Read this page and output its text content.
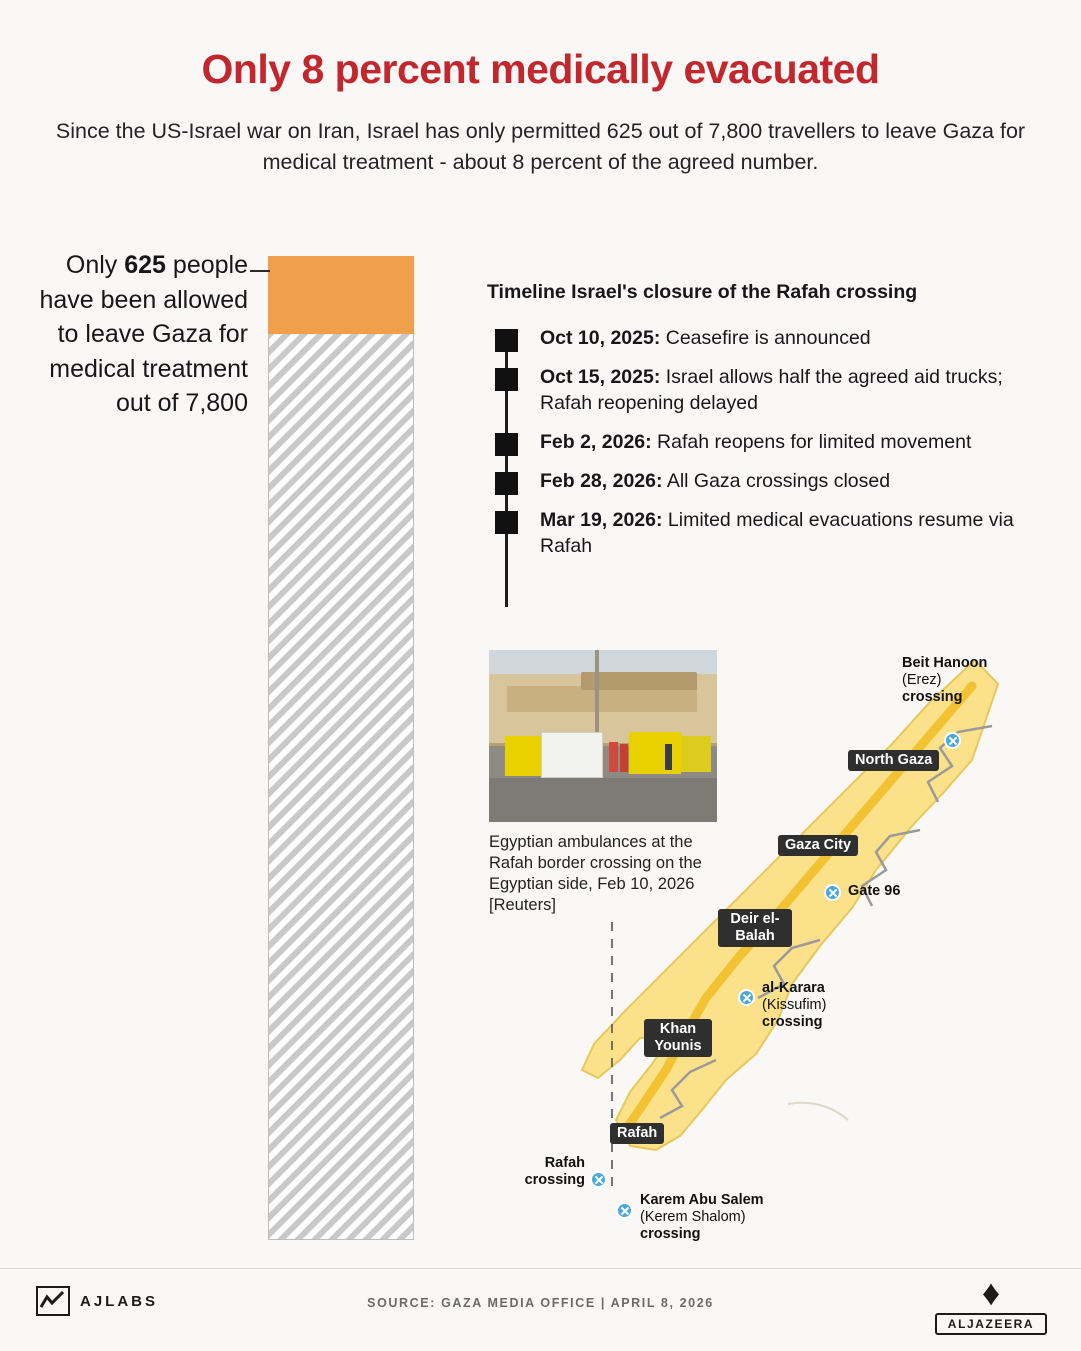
Only 8 percent medically evacuated
Since the US-Israel war on Iran, Israel has only permitted 625 out of 7,800 travellers to leave Gaza for medical treatment - about 8 percent of the agreed number.
Only 625 people have been allowed to leave Gaza for medical treatment out of 7,800
Timeline Israel's closure of the Rafah crossing
Oct 10, 2025: Ceasefire is announced
Oct 15, 2025: Israel allows half the agreed aid trucks; Rafah reopening delayed
Feb 2, 2026: Rafah reopens for limited movement
Feb 28, 2026: All Gaza crossings closed
Mar 19, 2026: Limited medical evacuations resume via Rafah
Egyptian ambulances at the Rafah border crossing on the Egyptian side, Feb 10, 2026 [Reuters]
North Gaza
Gaza City
Deir el-Balah
Khan Younis
Rafah
Beit Hanoon
(Erez)
crossing
Gate 96
al-Karara
(Kissufim)
crossing
Rafah
crossing
Karem Abu Salem
(Kerem Shalom)
crossing
AJLABS	SOURCE: GAZA MEDIA OFFICE | APRIL 8, 2026	♦
ALJAZEERA
